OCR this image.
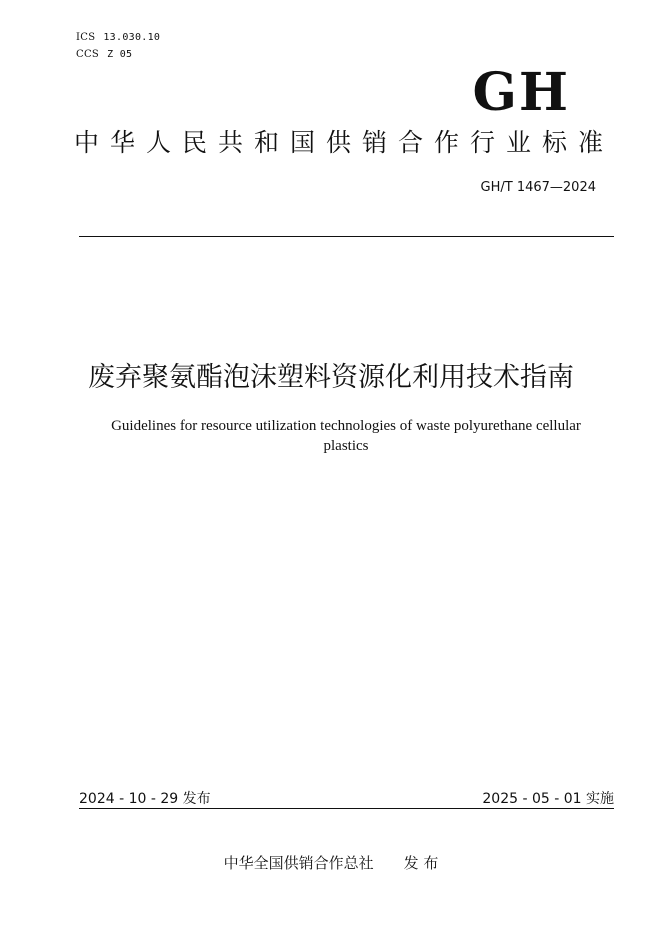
ICS 13.030.10
CCS Z 05
GH
中华人民共和国供销合作行业标准
GH/T 1467—2024
废弃聚氨酯泡沫塑料资源化利用技术指南
Guidelines for resource utilization technologies of waste polyurethane cellular plastics
2024 - 10 - 29 发布	2025 - 05 - 01 实施
中华全国供销合作总社 发 布
